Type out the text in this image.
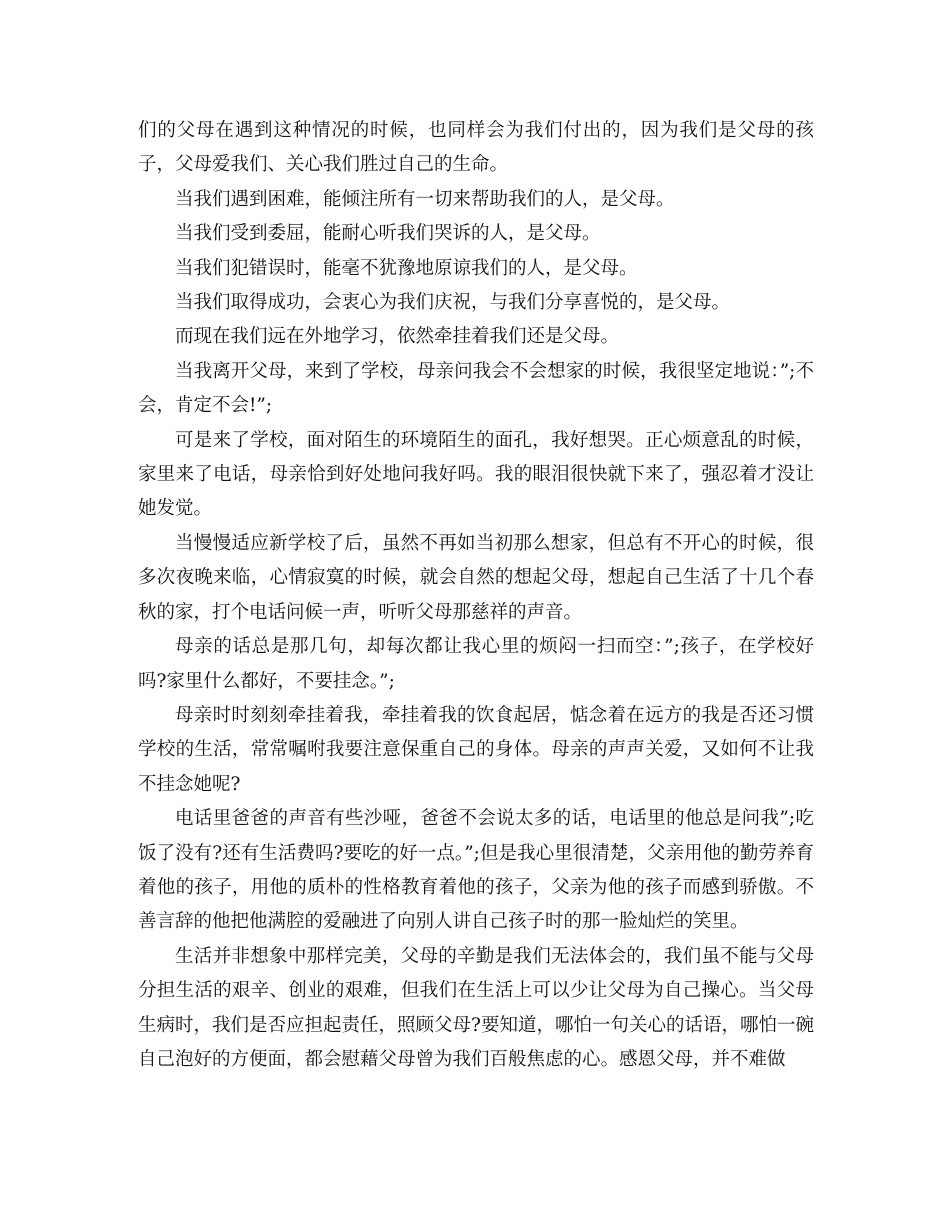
们的父母在遇到这种情况的时候，也同样会为我们付出的，因为我们是父母的孩子，父母爱我们、关心我们胜过自己的生命。

当我们遇到困难，能倾注所有一切来帮助我们的人，是父母。

当我们受到委屈，能耐心听我们哭诉的人，是父母。

当我们犯错误时，能毫不犹豫地原谅我们的人，是父母。

当我们取得成功，会衷心为我们庆祝，与我们分享喜悦的，是父母。

而现在我们远在外地学习，依然牵挂着我们还是父母。

当我离开父母，来到了学校，母亲问我会不会想家的时候，我很坚定地说：”;不会，肯定不会!”;

可是来了学校，面对陌生的环境陌生的面孔，我好想哭。正心烦意乱的时候，家里来了电话，母亲恰到好处地问我好吗。我的眼泪很快就下来了，强忍着才没让她发觉。

当慢慢适应新学校了后，虽然不再如当初那么想家，但总有不开心的时候，很多次夜晚来临，心情寂寞的时候，就会自然的想起父母，想起自己生活了十几个春秋的家，打个电话问候一声，听听父母那慈祥的声音。

母亲的话总是那几句，却每次都让我心里的烦闷一扫而空：”;孩子，在学校好吗?家里什么都好，不要挂念。”;

母亲时时刻刻牵挂着我，牵挂着我的饮食起居，惦念着在远方的我是否还习惯学校的生活，常常嘱咐我要注意保重自己的身体。母亲的声声关爱，又如何不让我不挂念她呢?

电话里爸爸的声音有些沙哑，爸爸不会说太多的话，电话里的他总是问我”;吃饭了没有?还有生活费吗?要吃的好一点。”;但是我心里很清楚，父亲用他的勤劳养育着他的孩子，用他的质朴的性格教育着他的孩子，父亲为他的孩子而感到骄傲。不善言辞的他把他满腔的爱融进了向别人讲自己孩子时的那一脸灿烂的笑里。

生活并非想象中那样完美，父母的辛勤是我们无法体会的，我们虽不能与父母分担生活的艰辛、创业的艰难，但我们在生活上可以少让父母为自己操心。当父母生病时，我们是否应担起责任，照顾父母?要知道，哪怕一句关心的话语，哪怕一碗自己泡好的方便面，都会慰藉父母曾为我们百般焦虑的心。感恩父母，并不难做
